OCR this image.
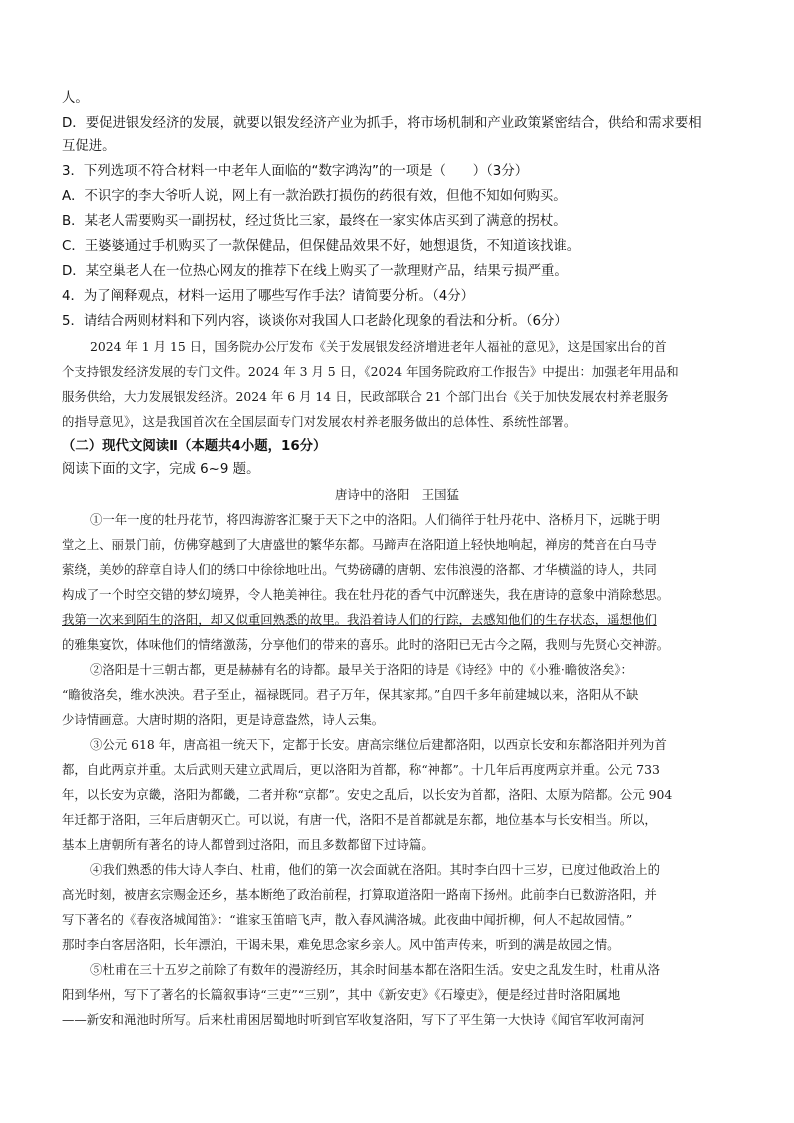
人。
D．要促进银发经济的发展，就要以银发经济产业为抓手，将市场机制和产业政策紧密结合，供给和需求要相
互促进。
3．下列选项不符合材料一中老年人面临的“数字鸿沟”的一项是（　　）（3分）
A．不识字的李大爷听人说，网上有一款治跌打损伤的药很有效，但他不知如何购买。
B．某老人需要购买一副拐杖，经过货比三家，最终在一家实体店买到了满意的拐杖。
C．王婆婆通过手机购买了一款保健品，但保健品效果不好，她想退货，不知道该找谁。
D．某空巢老人在一位热心网友的推荐下在线上购买了一款理财产品，结果亏损严重。
4．为了阐释观点，材料一运用了哪些写作手法？请简要分析。（4分）
5．请结合两则材料和下列内容，谈谈你对我国人口老龄化现象的看法和分析。（6分）
2024 年 1 月 15 日，国务院办公厅发布《关于发展银发经济增进老年人福祉的意见》，这是国家出台的首
个支持银发经济发展的专门文件。2024 年 3 月 5 日，《2024 年国务院政府工作报告》中提出：加强老年用品和
服务供给，大力发展银发经济。2024 年 6 月 14 日，民政部联合 21 个部门出台《关于加快发展农村养老服务
的指导意见》，这是我国首次在全国层面专门对发展农村养老服务做出的总体性、系统性部署。
（二）现代文阅读Ⅱ（本题共4小题，16分）
阅读下面的文字，完成 6~9 题。
唐诗中的洛阳　王国猛
①一年一度的牡丹花节，将四海游客汇聚于天下之中的洛阳。人们徜徉于牡丹花中、洛桥月下，远眺于明
堂之上、丽景门前，仿佛穿越到了大唐盛世的繁华东都。马蹄声在洛阳道上轻快地响起，禅房的梵音在白马寺
萦绕，美妙的辞章自诗人们的绣口中徐徐地吐出。气势磅礴的唐朝、宏伟浪漫的洛都、才华横溢的诗人，共同
构成了一个时空交错的梦幻境界，令人艳美神往。我在牡丹花的香气中沉醉迷失，我在唐诗的意象中消除愁思。
我第一次来到陌生的洛阳，却又似重回熟悉的故里。我沿着诗人们的行踪，去感知他们的生存状态，遥想他们
的雅集宴饮，体味他们的情绪激荡，分享他们的带来的喜乐。此时的洛阳已无古今之隔，我则与先贤心交神游。
②洛阳是十三朝古都，更是赫赫有名的诗都。最早关于洛阳的诗是《诗经》中的《小雅·瞻彼洛矣》：
“瞻彼洛矣，维水泱泱。君子至止，福禄既同。君子万年，保其家邦。”自四千多年前建城以来，洛阳从不缺
少诗情画意。大唐时期的洛阳，更是诗意盎然，诗人云集。
③公元 618 年，唐高祖一统天下，定都于长安。唐高宗继位后建都洛阳，以西京长安和东都洛阳并列为首
都，自此两京并重。太后武则天建立武周后，更以洛阳为首都，称“神都”。十几年后再度两京并重。公元 733
年，以长安为京畿，洛阳为都畿，二者并称“京都”。安史之乱后，以长安为首都，洛阳、太原为陪都。公元 904
年迁都于洛阳，三年后唐朝灭亡。可以说，有唐一代，洛阳不是首都就是东都，地位基本与长安相当。所以，
基本上唐朝所有著名的诗人都曾到过洛阳，而且多数都留下过诗篇。
④我们熟悉的伟大诗人李白、杜甫，他们的第一次会面就在洛阳。其时李白四十三岁，已度过他政治上的
高光时刻，被唐玄宗赐金还乡，基本断绝了政治前程，打算取道洛阳一路南下扬州。此前李白已数游洛阳，并
写下著名的《春夜洛城闻笛》：“谁家玉笛暗飞声，散入春风满洛城。此夜曲中闻折柳，何人不起故园情。”
那时李白客居洛阳，长年漂泊，干谒未果，难免思念家乡亲人。风中笛声传来，听到的满是故园之情。
⑤杜甫在三十五岁之前除了有数年的漫游经历，其余时间基本都在洛阳生活。安史之乱发生时，杜甫从洛
阳到华州，写下了著名的长篇叙事诗“三吏”“三别”，其中《新安吏》《石壕吏》，便是经过昔时洛阳属地
——新安和渑池时所写。后来杜甫困居蜀地时听到官军收复洛阳，写下了平生第一大快诗《闻官军收河南河
